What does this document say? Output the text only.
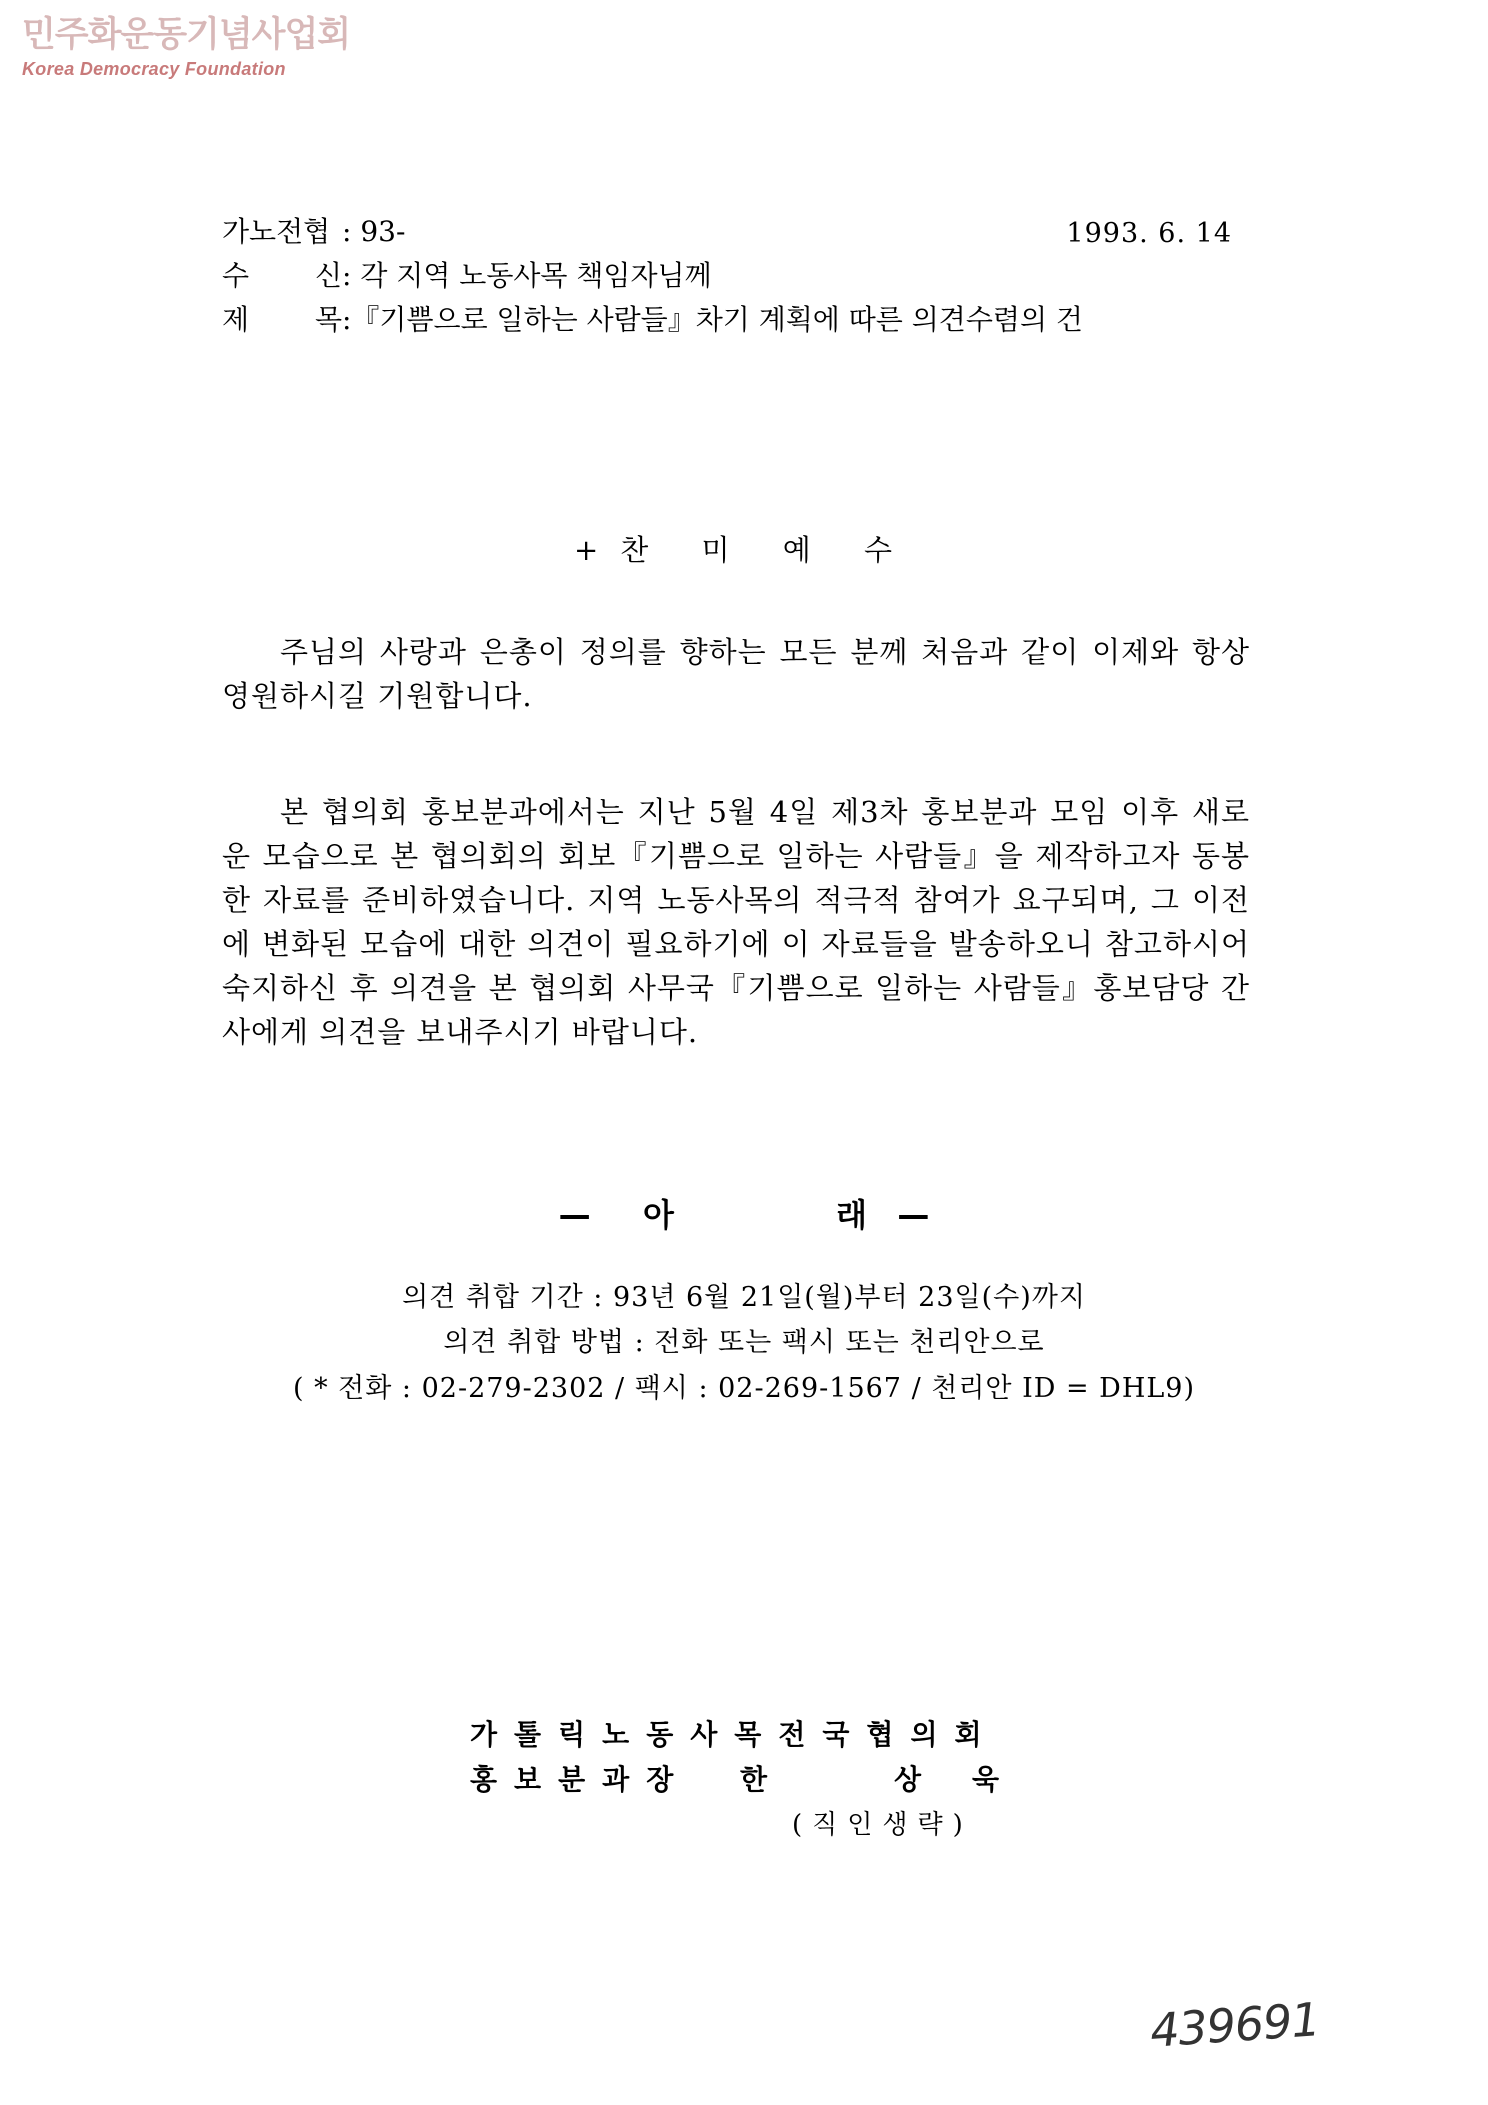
민주화운동기념사업회
Korea Democracy Foundation
가노전협 : 93-	1993. 6. 14
수 신: 각 지역 노동사목 책임자님께
제 목:『기쁨으로 일하는 사람들』차기 계획에 따른 의견수렴의 건
+찬 미 예 수

주님의 사랑과 은총이 정의를 향하는 모든 분께 처음과 같이 이제와 항상 영원하시길 기원합니다.

본 협의회 홍보분과에서는 지난 5월 4일 제3차 홍보분과 모임 이후 새로운 모습으로 본 협의회의 회보『기쁨으로 일하는 사람들』을 제작하고자 동봉한 자료를 준비하였습니다. 지역 노동사목의 적극적 참여가 요구되며, 그 이전에 변화된 모습에 대한 의견이 필요하기에 이 자료들을 발송하오니 참고하시어 숙지하신 후 의견을 본 협의회 사무국『기쁨으로 일하는 사람들』홍보담당 간사에게 의견을 보내주시기 바랍니다.

— 아	래 —
의견 취합 기간 : 93년 6월 21일(월)부터 23일(수)까지
의견 취합 방법 : 전화 또는 팩시 또는 천리안으로
( * 전화 : 02-279-2302 / 팩시 : 02-269-1567 / 천리안 ID = DHL9)
가톨릭노동사목전국협의회
홍보분과장 한	상 욱
(직인생략)
439691
